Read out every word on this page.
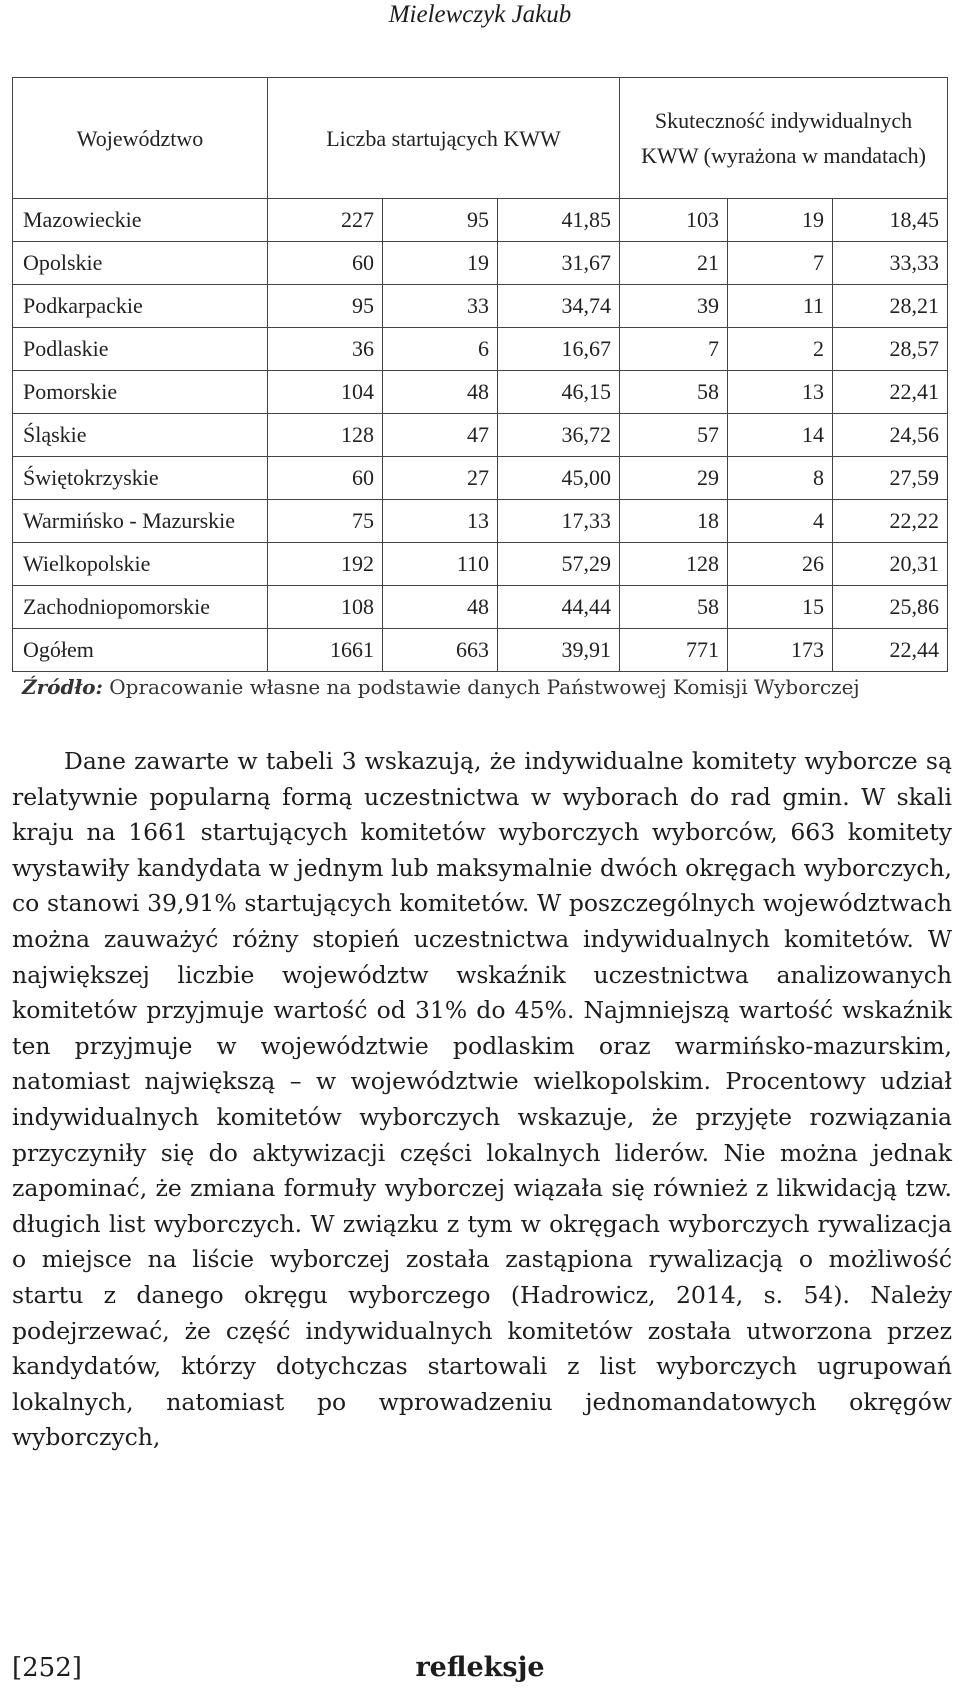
Mielewczyk Jakub
Województwo	Liczba startujących KWW			Skuteczność indywidualnych KWW (wyrażona w mandatach)		
Mazowieckie	227	95	41,85	103	19	18,45
Opolskie	60	19	31,67	21	7	33,33
Podkarpackie	95	33	34,74	39	11	28,21
Podlaskie	36	6	16,67	7	2	28,57
Pomorskie	104	48	46,15	58	13	22,41
Śląskie	128	47	36,72	57	14	24,56
Świętokrzyskie	60	27	45,00	29	8	27,59
Warmińsko - Mazurskie	75	13	17,33	18	4	22,22
Wielkopolskie	192	110	57,29	128	26	20,31
Zachodniopomorskie	108	48	44,44	58	15	25,86
Ogółem	1661	663	39,91	771	173	22,44
Źródło: Opracowanie własne na podstawie danych Państwowej Komisji Wyborczej

Dane zawarte w tabeli 3 wskazują, że indywidualne komitety wyborcze są relatywnie popularną formą uczestnictwa w wyborach do rad gmin. W skali kraju na 1661 startujących komitetów wyborczych wyborców, 663 komitety wystawiły kandydata w jednym lub maksymalnie dwóch okręgach wyborczych, co stanowi 39,91% startujących komitetów. W poszczególnych województwach można zauważyć różny stopień uczestnictwa indywidualnych komitetów. W największej liczbie województw wskaźnik uczestnictwa analizowanych komitetów przyjmuje wartość od 31% do 45%. Najmniejszą wartość wskaźnik ten przyjmuje w województwie podlaskim oraz warmińsko-mazurskim, natomiast największą – w województwie wielkopolskim. Procentowy udział indywidualnych komitetów wyborczych wskazuje, że przyjęte rozwiązania przyczyniły się do aktywizacji części lokalnych liderów. Nie można jednak zapominać, że zmiana formuły wyborczej wiązała się również z likwidacją tzw. długich list wyborczych. W związku z tym w okręgach wyborczych rywalizacja o miejsce na liście wyborczej została zastąpiona rywalizacją o możliwość startu z danego okręgu wyborczego (Hadrowicz, 2014, s. 54). Należy podejrzewać, że część indywidualnych komitetów została utworzona przez kandydatów, którzy dotychczas startowali z list wyborczych ugrupowań lokalnych, natomiast po wprowadzeniu jednomandatowych okręgów wyborczych,

[252]	refleksje
